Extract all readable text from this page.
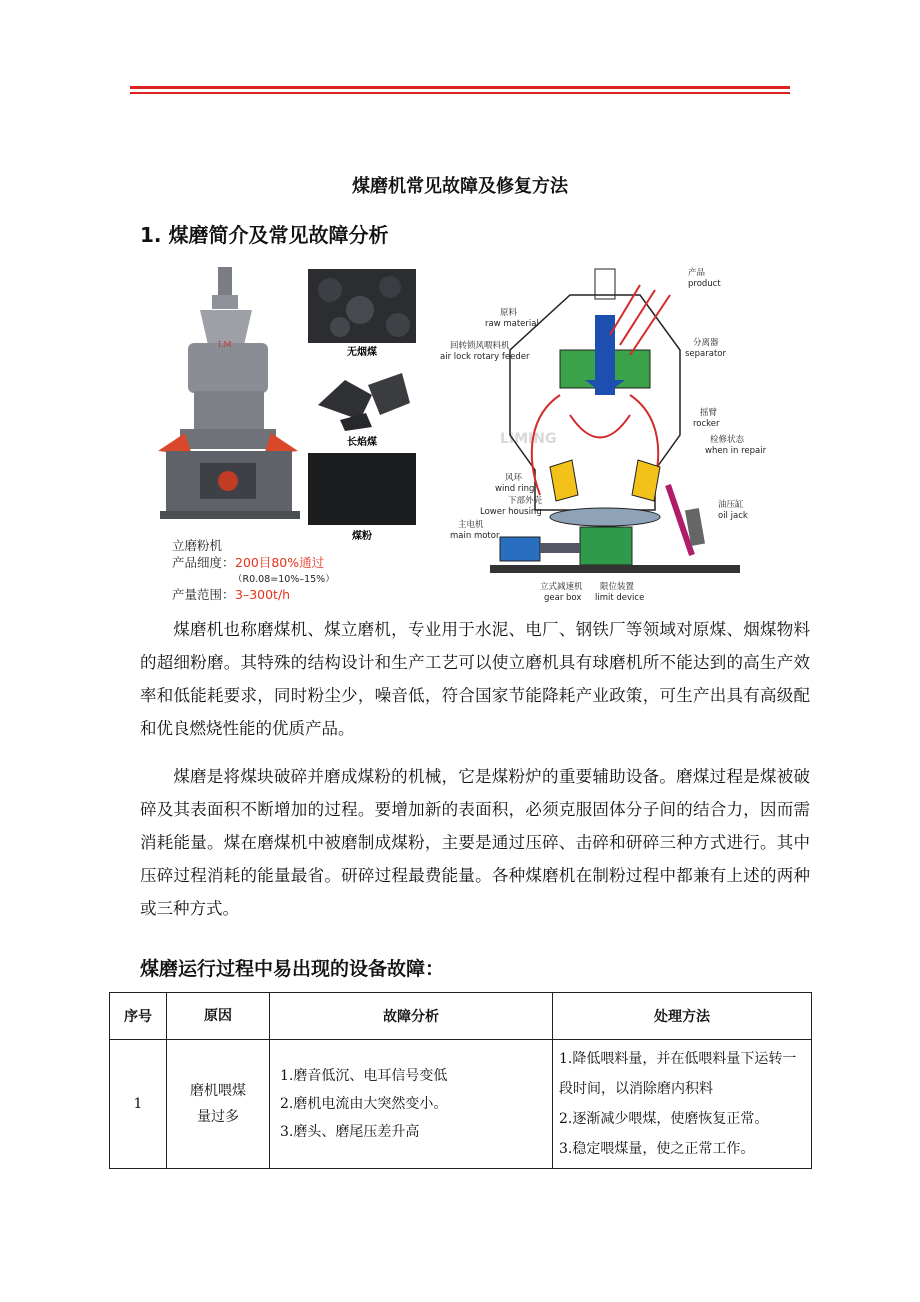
煤磨机常见故障及修复方法
1. 煤磨简介及常见故障分析
LM
立磨粉机
产品细度： 200目80%通过
（R0.08=10%–15%）
产量范围： 3–300t/h
无烟煤
长焰煤
煤粉
LIMING
产品
product
原料
raw material
回转锁风喂料机
air lock rotary feeder
分离器
separator
摇臂
rocker
检修状态
when in repair
风环
wind ring
下部外壳
Lower housing
主电机
main motor
油压缸
oil jack
立式减速机
gear box
限位装置
limit device
煤磨机也称磨煤机、煤立磨机，专业用于水泥、电厂、钢铁厂等领域对原煤、烟煤物料的超细粉磨。其特殊的结构设计和生产工艺可以使立磨机具有球磨机所不能达到的高生产效率和低能耗要求，同时粉尘少，噪音低，符合国家节能降耗产业政策，可生产出具有高级配和优良燃烧性能的优质产品。
煤磨是将煤块破碎并磨成煤粉的机械，它是煤粉炉的重要辅助设备。磨煤过程是煤被破碎及其表面积不断增加的过程。要增加新的表面积，必须克服固体分子间的结合力，因而需消耗能量。煤在磨煤机中被磨制成煤粉，主要是通过压碎、击碎和研碎三种方式进行。其中压碎过程消耗的能量最省。研碎过程最费能量。各种煤磨机在制粉过程中都兼有上述的两种或三种方式。
煤磨运行过程中易出现的设备故障：
序号	原因	故障分析	处理方法
1	磨机喂煤
量过多	1.磨音低沉、电耳信号变低
2.磨机电流由大突然变小。
3.磨头、磨尾压差升高	1.降低喂料量，并在低喂料量下运转一段时间，以消除磨内积料
2.逐渐减少喂煤，使磨恢复正常。
3.稳定喂煤量，使之正常工作。
